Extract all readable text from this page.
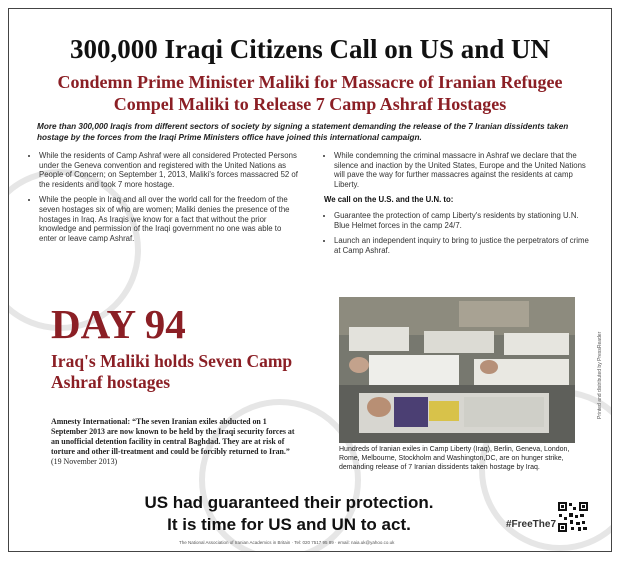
300,000 Iraqi Citizens Call on US and UN
Condemn Prime Minister Maliki for Massacre of Iranian Refugee
Compel Maliki to Release 7 Camp Ashraf Hostages
More than 300,000 Iraqis from different sectors of society by signing a statement demanding the release of the 7 Iranian dissidents taken hostage by the forces from the Iraqi Prime Ministers office have joined this international campaign.
• While the residents of Camp Ashraf were all considered Protected Persons under the Geneva convention and registered with the United Nations as People of Concern; on September 1, 2013, Maliki's forces massacred 52 of the residents and took 7 more hostage.
• While the people in Iraq and all over the world call for the freedom of the seven hostages six of who are women; Maliki denies the presence of the hostages in Iraq. As Iraqis we know for a fact that without the prior knowledge and permission of the Iraqi government no one was able to enter or leave camp Ashraf.
• While condemning the criminal massacre in Ashraf we declare that the silence and inaction by the United States, Europe and the United Nations will pave the way for further massacres against the residents at camp Liberty.
We call on the U.S. and the U.N. to:
• Guarantee the protection of camp Liberty's residents by stationing U.N. Blue Helmet forces in the camp 24/7.
• Launch an independent inquiry to bring to justice the perpetrators of crime at Camp Ashraf.
DAY 94
Iraq's Maliki holds Seven Camp Ashraf hostages
Amnesty International: “The seven Iranian exiles abducted on 1 September 2013 are now known to be held by the Iraqi security forces at an unofficial detention facility in central Baghdad. They are at risk of torture and other ill-treatment and could be forcibly returned to Iran.” (19 November 2013)
Hundreds of Iranian exiles in Camp Liberty (Iraq), Berlin, Geneva, London, Rome, Melbourne, Stockholm and Washington,DC, are on hunger strike, demanding release of 7 Iranian dissidents taken hostage by Iraq.
US had guaranteed their protection.
It is time for US and UN to act.	#FreeThe7
The National Association of Iranian Academics in Britain · Tel: 020 7517 95 89 · email: naia.uk@yahoo.co.uk
Printed and distributed by PressReader
